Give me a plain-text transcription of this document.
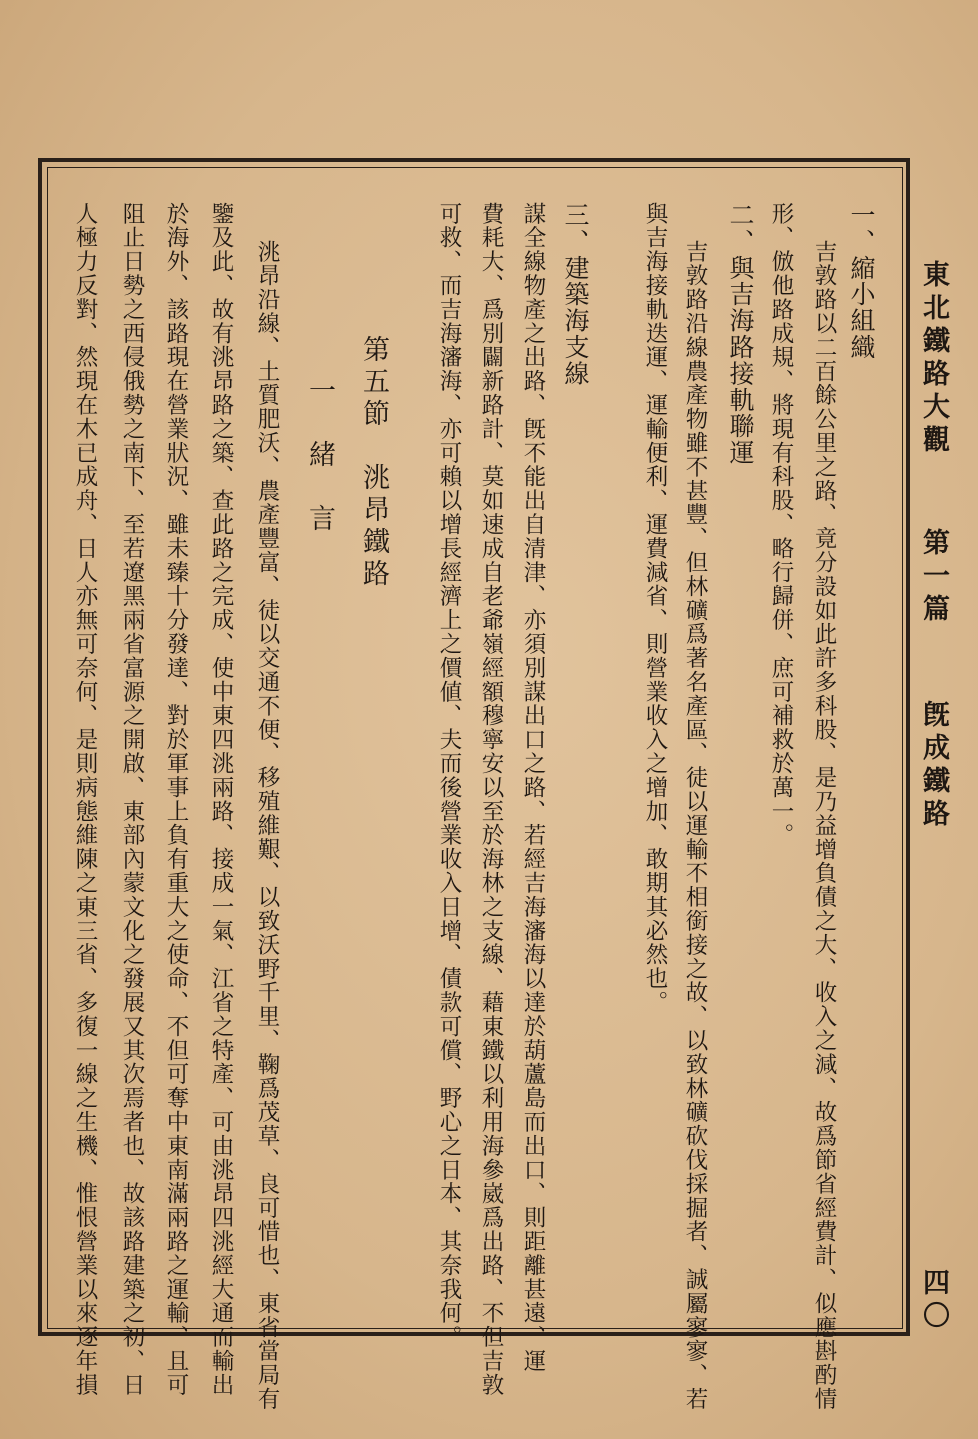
東北鐵路大觀
第一篇
旣成鐵路
四〇
一、縮小組織
吉敦路以二百餘公里之路、竟分設如此許多科股、是乃益增負債之大、收入之減、故爲節省經費計、似應斟酌情
形、倣他路成規、將現有科股、略行歸併、庶可補救於萬一。
二、與吉海路接軌聯運
吉敦路沿線農產物雖不甚豐、但林礦爲著名產區、徒以運輸不相銜接之故、以致林礦砍伐採掘者、誠屬寥寥、若
與吉海接軌迭運、運輸便利、運費減省、則營業收入之增加、敢期其必然也。
三、建築海支線
謀全線物產之出路、旣不能出自清津、亦須別謀出口之路、若經吉海瀋海以達於葫蘆島而出口、則距離甚遠、運
費耗大、爲別闢新路計、莫如速成自老爺嶺經額穆寧安以至於海林之支線、藉東鐵以利用海參崴爲出路、不但吉敦
可救、而吉海瀋海、亦可賴以增長經濟上之價値、夫而後營業收入日增、債款可償、野心之日本、其奈我何。
第五節　洮昂鐵路
一　緒　言
洮昂沿線、土質肥沃、農產豐富、徒以交通不便、移殖維艱、以致沃野千里、鞠爲茂草、良可惜也、東省當局有
鑒及此、故有洮昂路之築、查此路之完成、使中東四洮兩路、接成一氣、江省之特產、可由洮昂四洮經大通而輸出
於海外、該路現在營業狀況、雖未臻十分發達、對於軍事上負有重大之使命、不但可奪中東南滿兩路之運輸、且可
阻止日勢之西侵俄勢之南下、至若遼黑兩省富源之開啟、東部內蒙文化之發展又其次焉者也、故該路建築之初、日
人極力反對、然現在木已成舟、日人亦無可奈何、是則病態維陳之東三省、多復一線之生機、惟恨營業以來逐年損
